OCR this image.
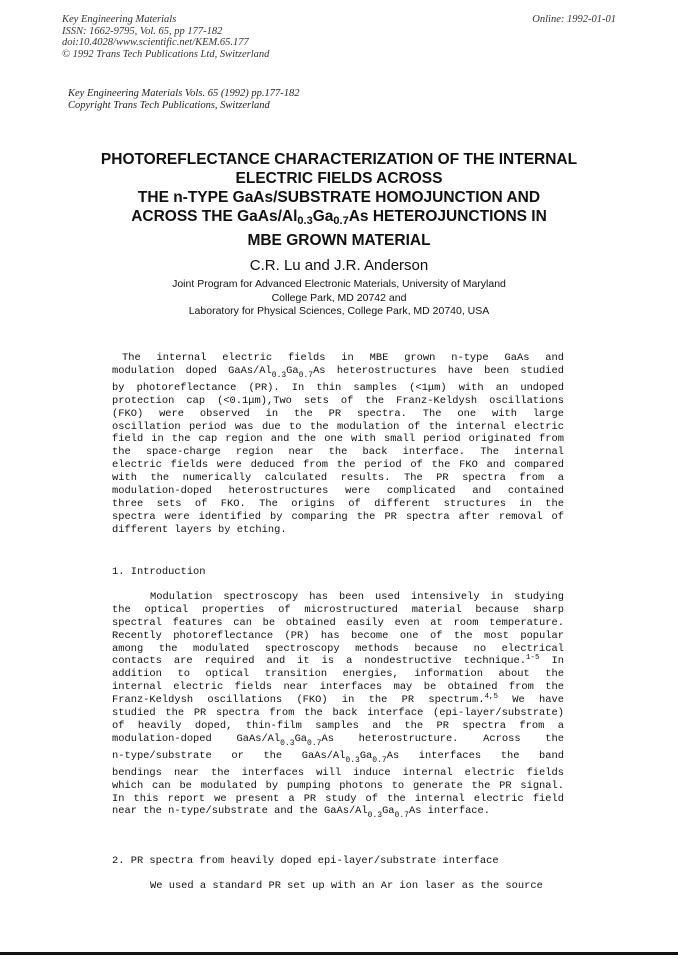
Key Engineering Materials
ISSN: 1662-9795, Vol. 65, pp 177-182
doi:10.4028/www.scientific.net/KEM.65.177
© 1992 Trans Tech Publications Ltd, Switzerland
Online: 1992-01-01
Key Engineering Materials Vols. 65 (1992) pp.177-182
Copyright Trans Tech Publications, Switzerland
PHOTOREFLECTANCE CHARACTERIZATION OF THE INTERNAL
ELECTRIC FIELDS ACROSS
THE n-TYPE GaAs/SUBSTRATE HOMOJUNCTION AND
ACROSS THE GaAs/$Al_{0.3}Ga_{0.7}As$ HETEROJUNCTIONS IN
MBE GROWN MATERIAL
C.R. Lu and J.R. Anderson
Joint Program for Advanced Electronic Materials, University of Maryland
College Park, MD 20742 and
Laboratory for Physical Sciences, College Park, MD 20740, USA
The internal electric fields in MBE grown n-type GaAs and
modulation doped GaAs/$Al_{0.3}Ga_{0.7}As$ heterostructures have been studied
by photoreflectance (PR). In thin samples (<1μm) with an undoped
protection cap (<0.1μm),Two sets of the Franz-Keldysh oscillations
(FKO) were observed in the PR spectra. The one with large
oscillation period was due to the modulation of the internal electric
field in the cap region and the one with small period originated from
the space-charge region near the back interface. The internal
electric fields were deduced from the period of the FKO and compared
with the numerically calculated results. The PR spectra from a
modulation-doped heterostructures were complicated and contained
three sets of FKO. The origins of different structures in the
spectra were identified by comparing the PR spectra after removal of
different layers by etching.
1. Introduction
Modulation spectroscopy has been used intensively in studying
the optical properties of microstructured material because sharp
spectral features can be obtained easily even at room temperature.
Recently photoreflectance (PR) has become one of the most popular
among the modulated spectroscopy methods because no electrical
contacts are required and it is a nondestructive technique.$^{1-5}$ In
addition to optical transition energies, information about the
internal electric fields near interfaces may be obtained from the
Franz-Keldysh oscillations (FKO) in the PR spectrum.$^{4,5}$ We have
studied the PR spectra from the back interface (epi-layer/substrate)
of heavily doped, thin-film samples and the PR spectra from a
modulation-doped GaAs/$Al_{0.3}Ga_{0.7}As$ heterostructure. Across the
n-type/substrate or the GaAs/$Al_{0.3}Ga_{0.7}As$ interfaces the band
bendings near the interfaces will induce internal electric fields
which can be modulated by pumping photons to generate the PR signal.
In this report we present a PR study of the internal electric field
near the n-type/substrate and the GaAs/$Al_{0.3}Ga_{0.7}As$ interface.
2. PR spectra from heavily doped epi-layer/substrate interface
We used a standard PR set up with an Ar ion laser as the source
